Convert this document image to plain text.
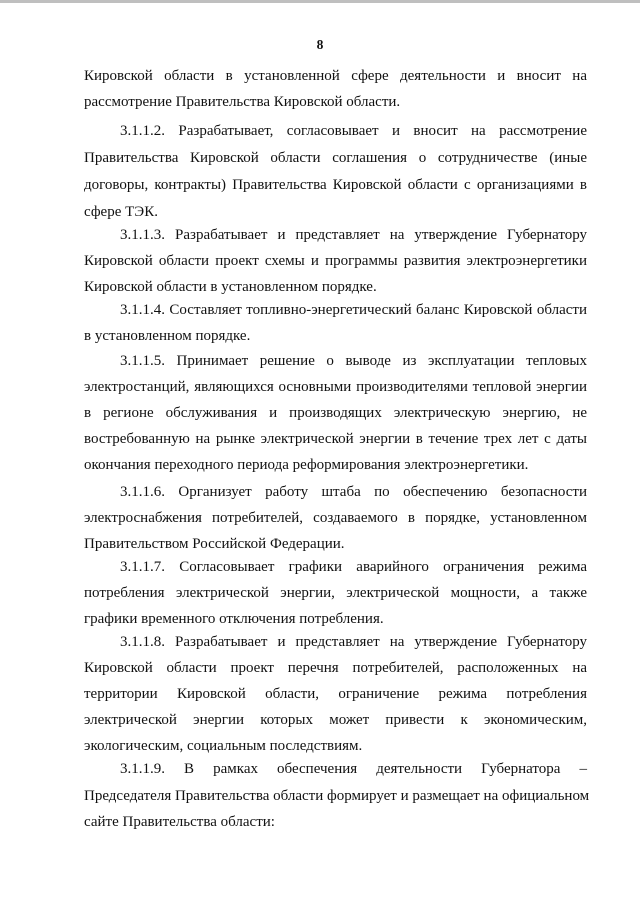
8
Кировской области в установленной сфере деятельности и вносит на
рассмотрение Правительства Кировской области.
3.1.1.2. Разрабатывает, согласовывает и вносит на рассмотрение
Правительства Кировской области соглашения о сотрудничестве (иные
договоры, контракты) Правительства Кировской области с организациями в
сфере ТЭК.
3.1.1.3. Разрабатывает и представляет на утверждение Губернатору
Кировской области проект схемы и программы развития электроэнергетики
Кировской области в установленном порядке.
3.1.1.4. Составляет топливно-энергетический баланс Кировской области
в установленном порядке.
3.1.1.5. Принимает решение о выводе из эксплуатации тепловых
электростанций, являющихся основными производителями тепловой энергии
в регионе обслуживания и производящих электрическую энергию, не
востребованную на рынке электрической энергии в течение трех лет с даты
окончания переходного периода реформирования электроэнергетики.
3.1.1.6. Организует работу штаба по обеспечению безопасности
электроснабжения потребителей, создаваемого в порядке, установленном
Правительством Российской Федерации.
3.1.1.7. Согласовывает графики аварийного ограничения режима
потребления электрической энергии, электрической мощности, а также
графики временного отключения потребления.
3.1.1.8. Разрабатывает и представляет на утверждение Губернатору
Кировской области проект перечня потребителей, расположенных на
территории Кировской области, ограничение режима потребления
электрической энергии которых может привести к экономическим,
экологическим, социальным последствиям.
3.1.1.9. В рамках обеспечения деятельности Губернатора –
Председателя Правительства области формирует и размещает на официальном
сайте Правительства области:
